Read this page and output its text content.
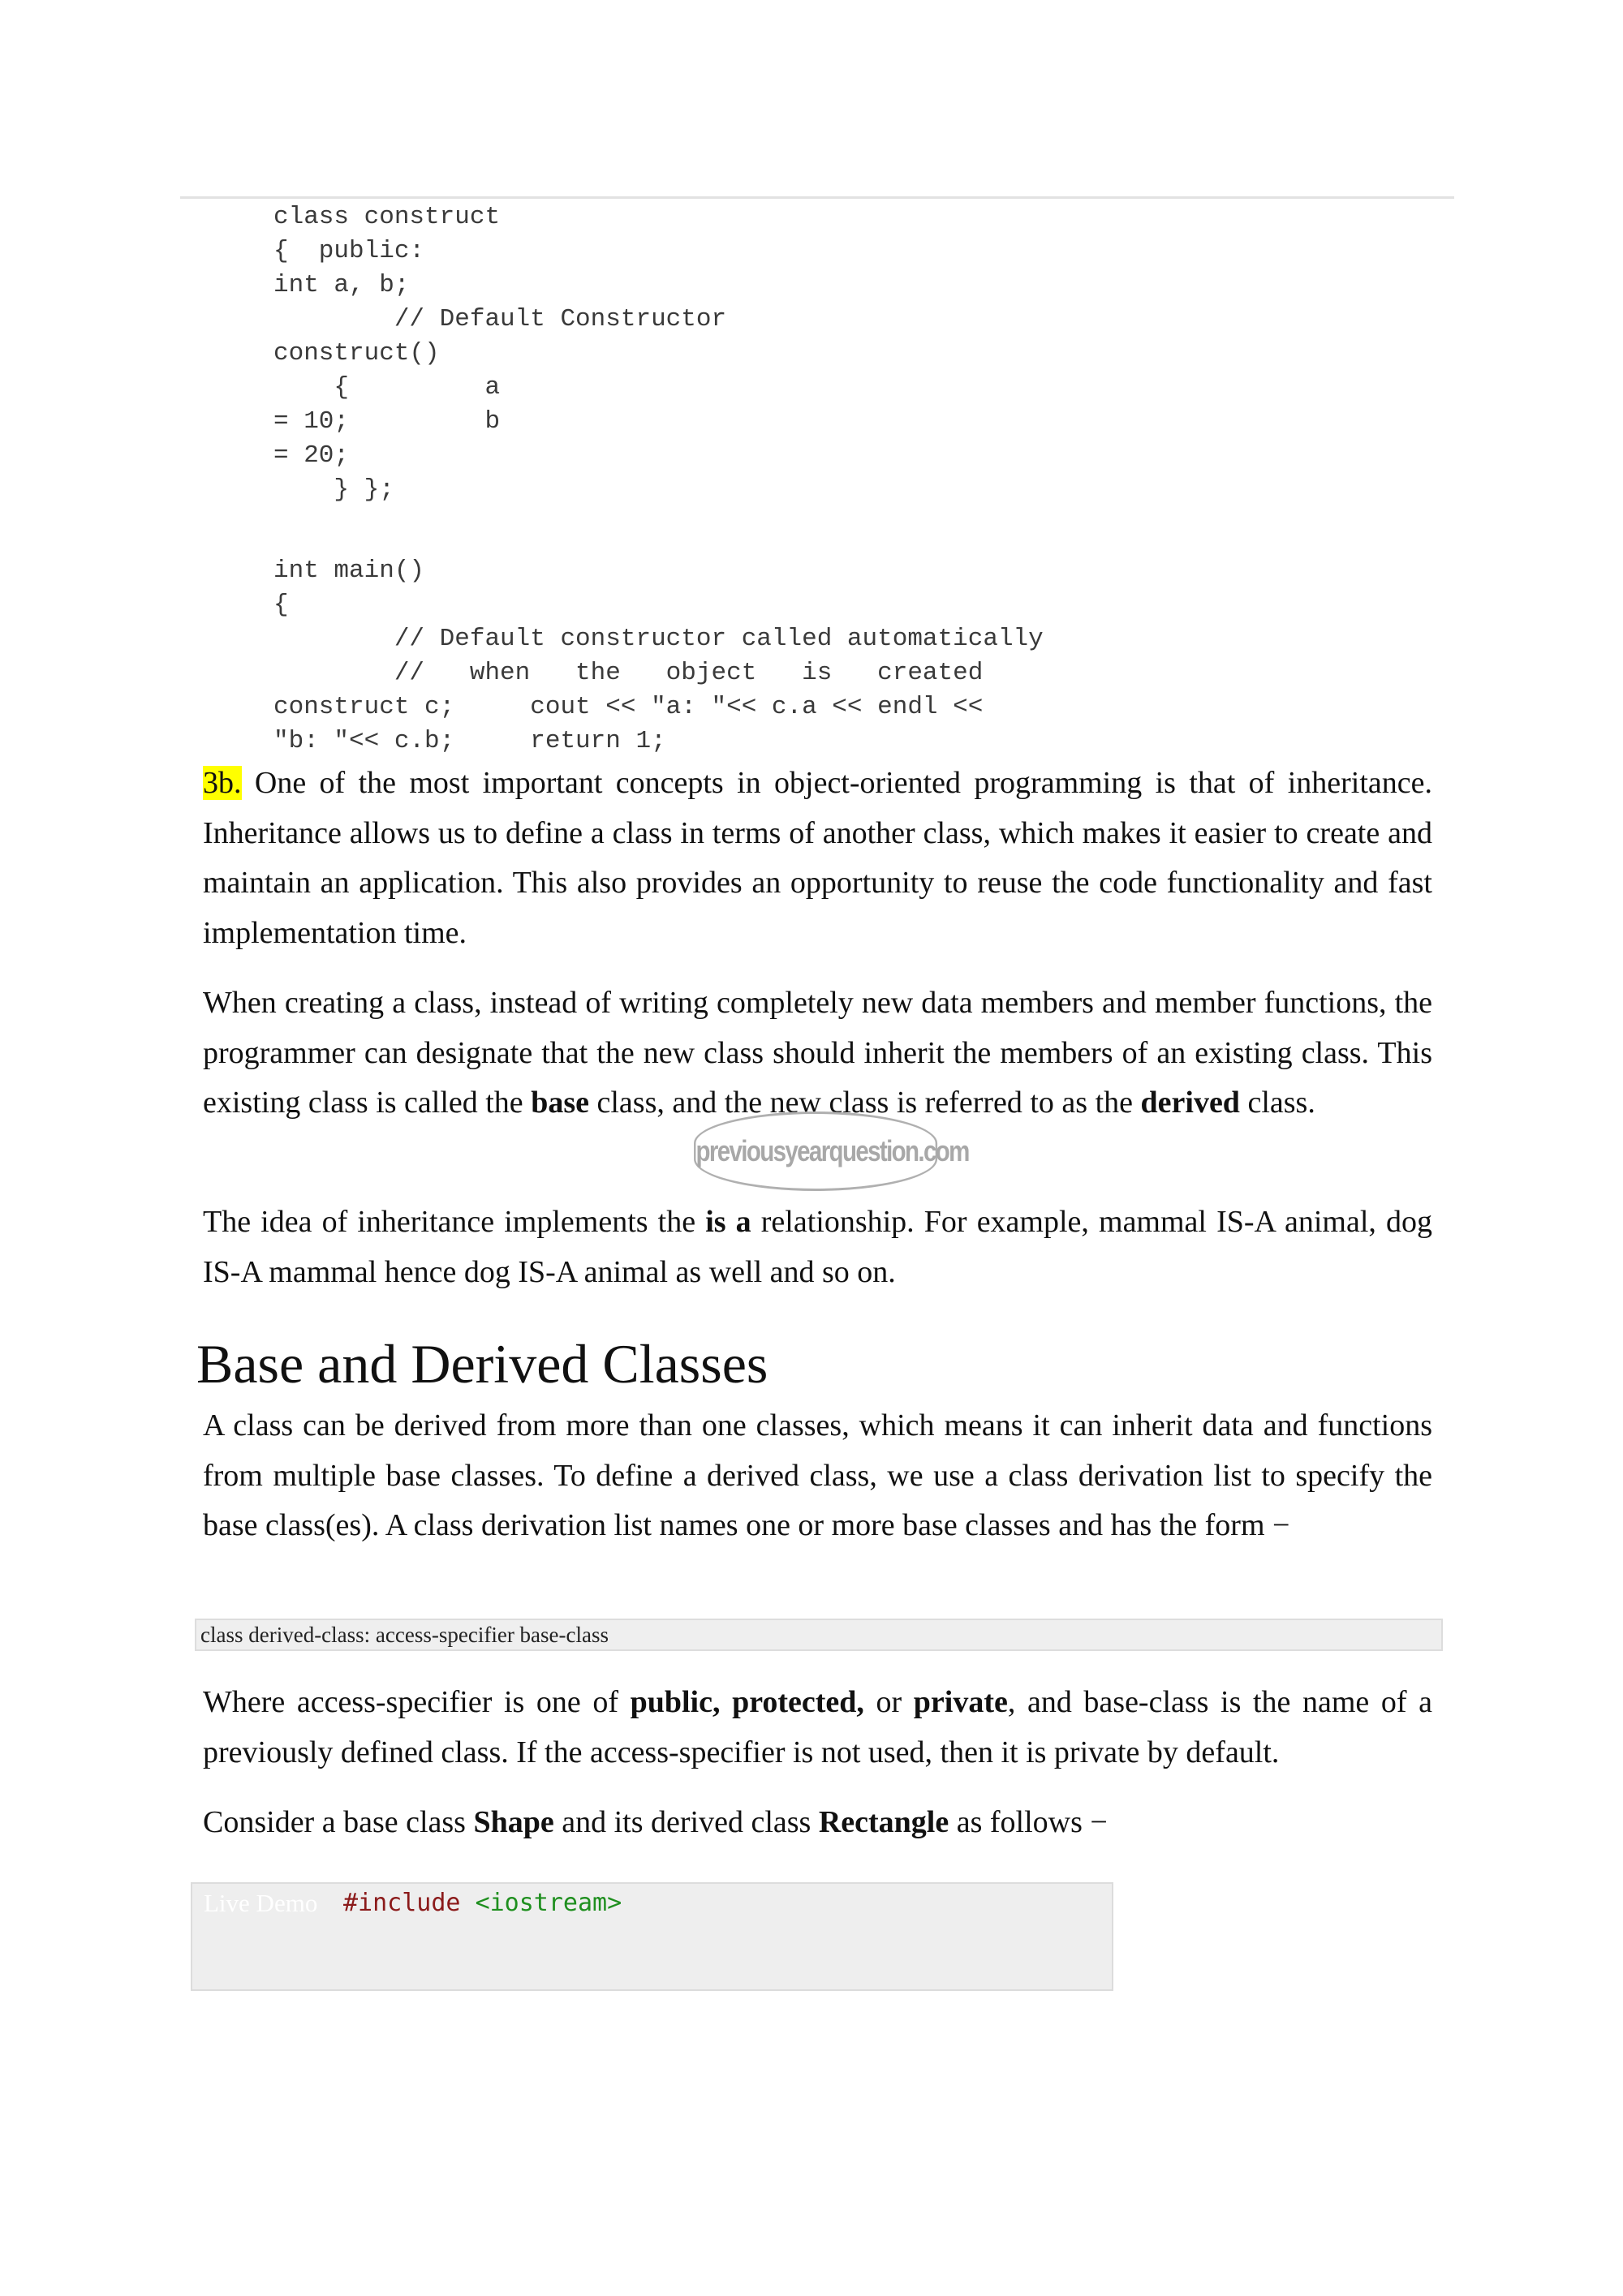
class construct
{  public:
int a, b;
// Default Constructor
construct()
{         a
= 10;         b
= 20;
} };
int main()
{
// Default constructor called automatically
//   when   the   object   is   created
construct c;     cout << "a: "<< c.a << endl <<
"b: "<< c.b;     return 1;

3b. One of the most important concepts in object-oriented programming is that of inheritance. Inheritance allows us to define a class in terms of another class, which makes it easier to create and maintain an application. This also provides an opportunity to reuse the code functionality and fast implementation time.

When creating a class, instead of writing completely new data members and member functions, the programmer can designate that the new class should inherit the members of an existing class. This existing class is called the base class, and the new class is referred to as the derived class.

previousyearquestion.com

The idea of inheritance implements the is a relationship. For example, mammal IS-A animal, dog IS-A mammal hence dog IS-A animal as well and so on.

Base and Derived Classes

A class can be derived from more than one classes, which means it can inherit data and functions from multiple base classes. To define a derived class, we use a class derivation list to specify the base class(es). A class derivation list names one or more base classes and has the form −

class derived-class: access-specifier base-class

Where access-specifier is one of public, protected, or private, and base-class is the name of a previously defined class. If the access-specifier is not used, then it is private by default.

Consider a base class Shape and its derived class Rectangle as follows −

Live Demo #include <iostream>
